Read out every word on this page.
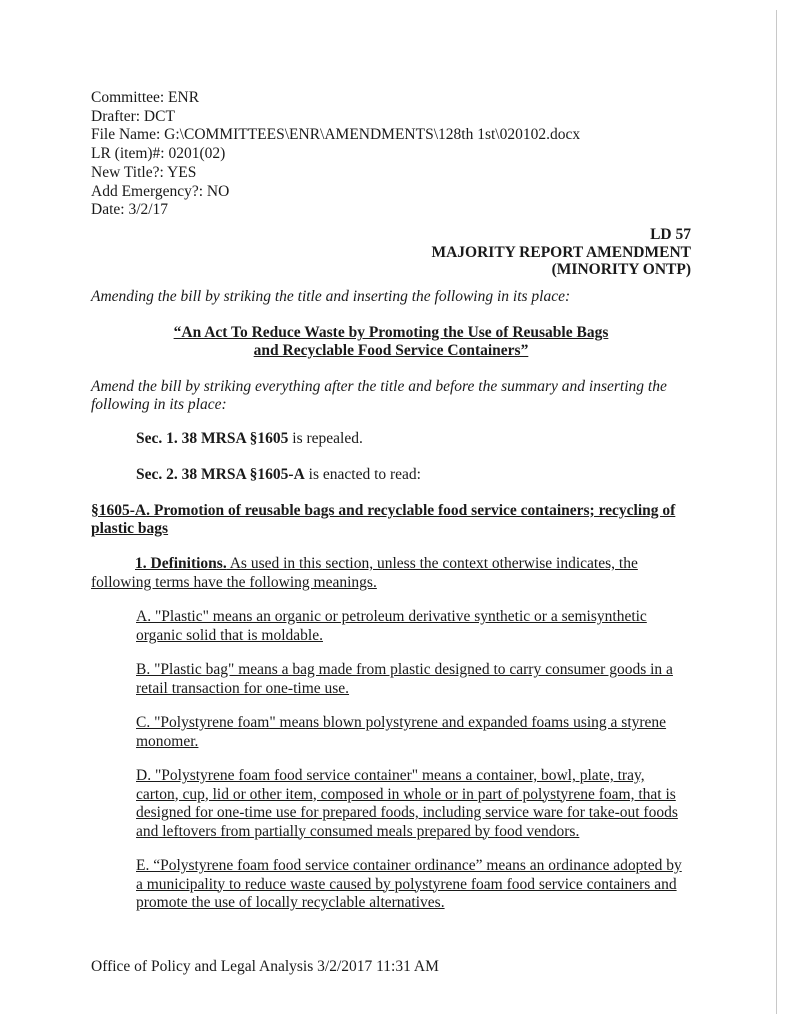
Committee: ENR
Drafter: DCT
File Name: G:\COMMITTEES\ENR\AMENDMENTS\128th 1st\020102.docx
LR (item)#: 0201(02)
New Title?: YES
Add Emergency?: NO
Date: 3/2/17
LD 57
MAJORITY REPORT AMENDMENT
(MINORITY ONTP)
Amending the bill by striking the title and inserting the following in its place:
“An Act To Reduce Waste by Promoting the Use of Reusable Bags
and Recyclable Food Service Containers”
Amend the bill by striking everything after the title and before the summary and inserting the following in its place:
Sec. 1. 38 MRSA §1605 is repealed.
Sec. 2. 38 MRSA §1605-A is enacted to read:
§1605-A. Promotion of reusable bags and recyclable food service containers; recycling of plastic bags
1. Definitions. As used in this section, unless the context otherwise indicates, the following terms have the following meanings.
A. "Plastic" means an organic or petroleum derivative synthetic or a semisynthetic organic solid that is moldable.
B. "Plastic bag" means a bag made from plastic designed to carry consumer goods in a retail transaction for one-time use.
C. "Polystyrene foam" means blown polystyrene and expanded foams using a styrene monomer.
D. "Polystyrene foam food service container" means a container, bowl, plate, tray, carton, cup, lid or other item, composed in whole or in part of polystyrene foam, that is designed for one-time use for prepared foods, including service ware for take-out foods and leftovers from partially consumed meals prepared by food vendors.
E. “Polystyrene foam food service container ordinance” means an ordinance adopted by a municipality to reduce waste caused by polystyrene foam food service containers and promote the use of locally recyclable alternatives.
Office of Policy and Legal Analysis 3/2/2017 11:31 AM
